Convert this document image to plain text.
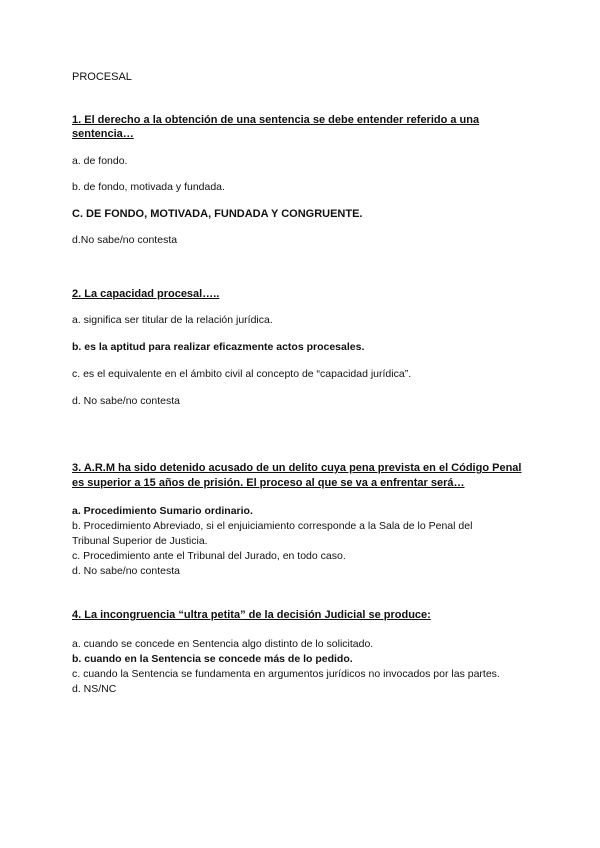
PROCESAL
1. El derecho a la obtención de una sentencia se debe entender referido a una
sentencia…
a. de fondo.
b. de fondo, motivada y fundada.
C. DE FONDO, MOTIVADA, FUNDADA Y CONGRUENTE.
d.No sabe/no contesta
2. La capacidad procesal…..
a. significa ser titular de la relación jurídica.
b. es la aptitud para realizar eficazmente actos procesales.
c. es el equivalente en el ámbito civil al concepto de “capacidad jurídica”.
d. No sabe/no contesta
3. A.R.M ha sido detenido acusado de un delito cuya pena prevista en el Código Penal
es superior a 15 años de prisión. El proceso al que se va a enfrentar será…
a. Procedimiento Sumario ordinario.
b. Procedimiento Abreviado, si el enjuiciamiento corresponde a la Sala de lo Penal del
Tribunal Superior de Justicia.
c. Procedimiento ante el Tribunal del Jurado, en todo caso.
d. No sabe/no contesta
4. La incongruencia “ultra petita” de la decisión Judicial se produce:
a. cuando se concede en Sentencia algo distinto de lo solicitado.
b. cuando en la Sentencia se concede más de lo pedido.
c. cuando la Sentencia se fundamenta en argumentos jurídicos no invocados por las partes.
d. NS/NC
